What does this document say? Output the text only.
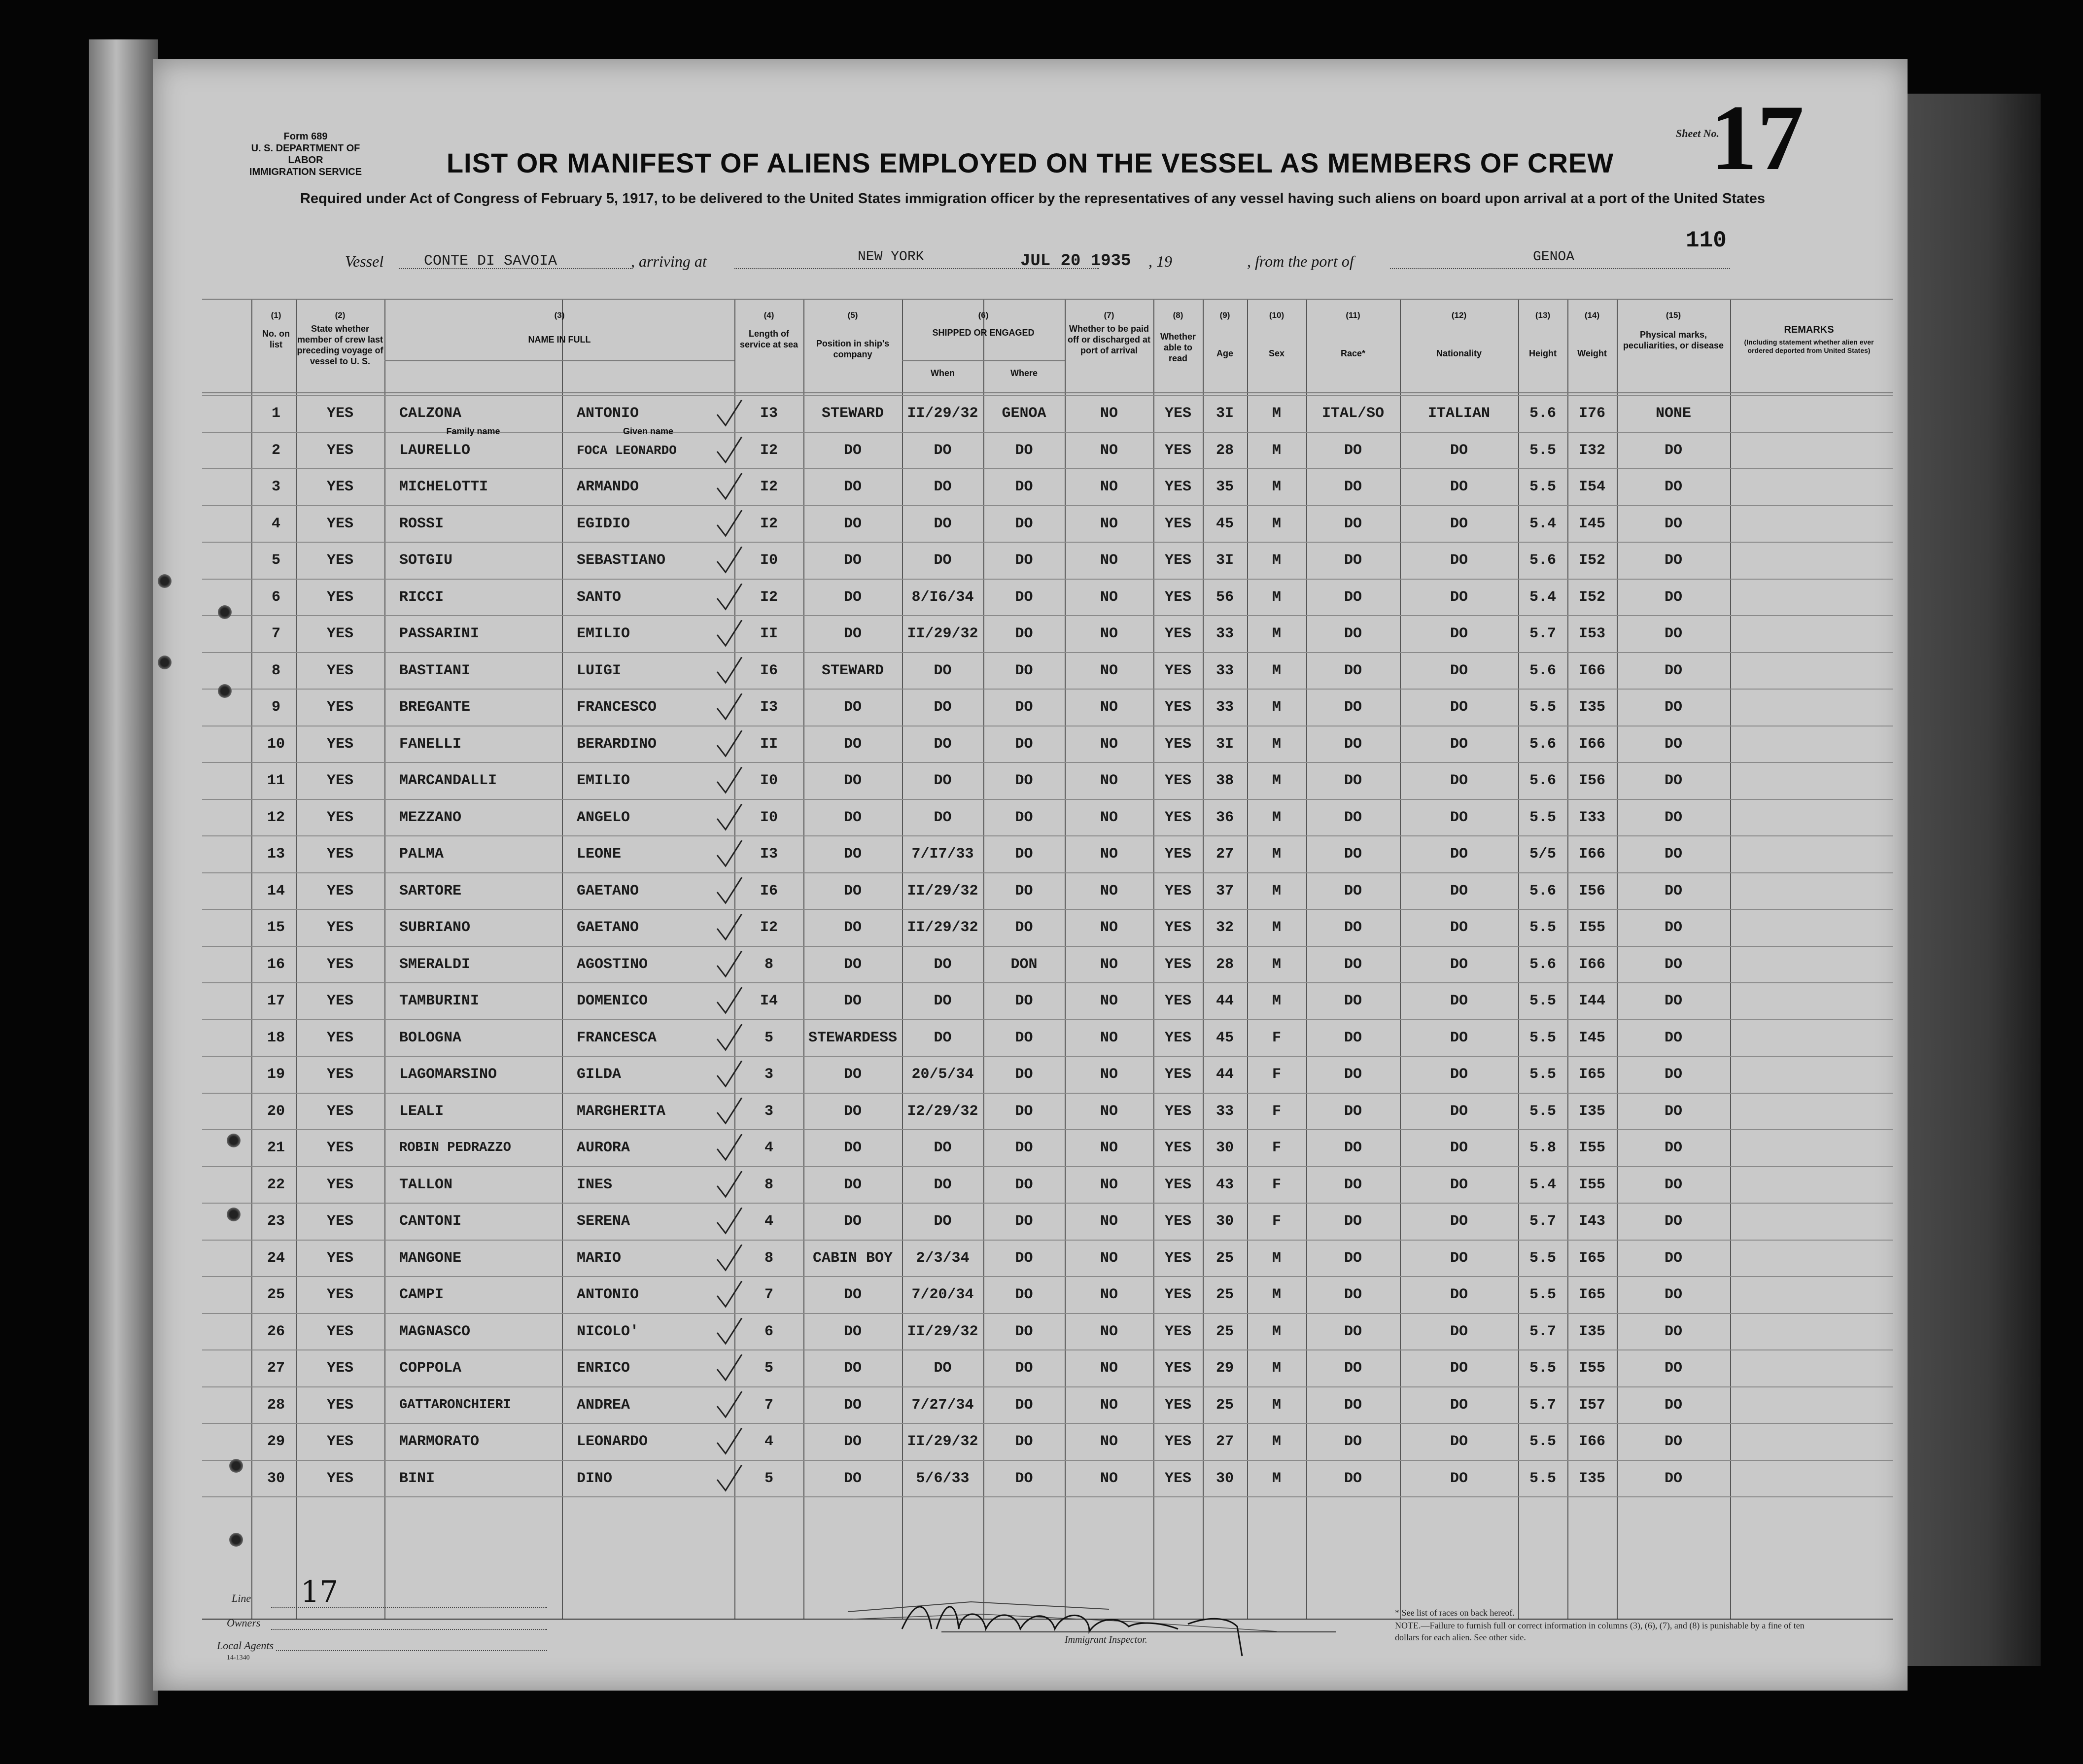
Form 689
U. S. DEPARTMENT OF LABOR
IMMIGRATION SERVICE	LIST OR MANIFEST OF ALIENS EMPLOYED ON THE VESSEL AS MEMBERS OF CREW
Required under Act of Congress of February 5, 1917, to be delivered to the United States immigration officer by the representatives of any vessel having such aliens on board upon arrival at a port of the United States
Sheet No.
17
110
Vessel	CONTE DI SAVOIA	, arriving at	NEW YORK	JUL 20 1935 , 19	, from the port of	GENOA
(1)
No. on list
(2)
State whether member of crew last preceding voyage of vessel to U. S.
(3)
NAME IN FULL
Family name	Given name
(4)
Length of service at sea
(5)
Position in ship's company
(6)
SHIPPED OR ENGAGED
When	Where
(7)
Whether to be paid off or discharged at port of arrival
(8)
Whether able to read
(9)
Age
(10)
Sex
(11)
Race*
(12)
Nationality
(13)
Height
(14)
Weight
(15)
Physical marks, peculiarities, or disease
REMARKS
(Including statement whether alien ever ordered deported from United States)
1	YES	CALZONA	ANTONIO	I3	STEWARD	II/29/32	GENOA	NO	YES	3I	M	ITAL/SO	ITALIAN	5.6	I76	NONE
2	YES	LAURELLO	FOCA LEONARDO	I2	DO	DO	DO	NO	YES	28	M	DO	DO	5.5	I32	DO
3	YES	MICHELOTTI	ARMANDO	I2	DO	DO	DO	NO	YES	35	M	DO	DO	5.5	I54	DO
4	YES	ROSSI	EGIDIO	I2	DO	DO	DO	NO	YES	45	M	DO	DO	5.4	I45	DO
5	YES	SOTGIU	SEBASTIANO	I0	DO	DO	DO	NO	YES	3I	M	DO	DO	5.6	I52	DO
6	YES	RICCI	SANTO	I2	DO	8/I6/34	DO	NO	YES	56	M	DO	DO	5.4	I52	DO
7	YES	PASSARINI	EMILIO	II	DO	II/29/32	DO	NO	YES	33	M	DO	DO	5.7	I53	DO
8	YES	BASTIANI	LUIGI	I6	STEWARD	DO	DO	NO	YES	33	M	DO	DO	5.6	I66	DO
9	YES	BREGANTE	FRANCESCO	I3	DO	DO	DO	NO	YES	33	M	DO	DO	5.5	I35	DO
10	YES	FANELLI	BERARDINO	II	DO	DO	DO	NO	YES	3I	M	DO	DO	5.6	I66	DO
11	YES	MARCANDALLI	EMILIO	I0	DO	DO	DO	NO	YES	38	M	DO	DO	5.6	I56	DO
12	YES	MEZZANO	ANGELO	I0	DO	DO	DO	NO	YES	36	M	DO	DO	5.5	I33	DO
13	YES	PALMA	LEONE	I3	DO	7/I7/33	DO	NO	YES	27	M	DO	DO	5/5	I66	DO
14	YES	SARTORE	GAETANO	I6	DO	II/29/32	DO	NO	YES	37	M	DO	DO	5.6	I56	DO
15	YES	SUBRIANO	GAETANO	I2	DO	II/29/32	DO	NO	YES	32	M	DO	DO	5.5	I55	DO
16	YES	SMERALDI	AGOSTINO	8	DO	DO	DON	NO	YES	28	M	DO	DO	5.6	I66	DO
17	YES	TAMBURINI	DOMENICO	I4	DO	DO	DO	NO	YES	44	M	DO	DO	5.5	I44	DO
18	YES	BOLOGNA	FRANCESCA	5	STEWARDESS	DO	DO	NO	YES	45	F	DO	DO	5.5	I45	DO
19	YES	LAGOMARSINO	GILDA	3	DO	20/5/34	DO	NO	YES	44	F	DO	DO	5.5	I65	DO
20	YES	LEALI	MARGHERITA	3	DO	I2/29/32	DO	NO	YES	33	F	DO	DO	5.5	I35	DO
21	YES	ROBIN PEDRAZZO	AURORA	4	DO	DO	DO	NO	YES	30	F	DO	DO	5.8	I55	DO
22	YES	TALLON	INES	8	DO	DO	DO	NO	YES	43	F	DO	DO	5.4	I55	DO
23	YES	CANTONI	SERENA	4	DO	DO	DO	NO	YES	30	F	DO	DO	5.7	I43	DO
24	YES	MANGONE	MARIO	8	CABIN BOY	2/3/34	DO	NO	YES	25	M	DO	DO	5.5	I65	DO
25	YES	CAMPI	ANTONIO	7	DO	7/20/34	DO	NO	YES	25	M	DO	DO	5.5	I65	DO
26	YES	MAGNASCO	NICOLO'	6	DO	II/29/32	DO	NO	YES	25	M	DO	DO	5.7	I35	DO
27	YES	COPPOLA	ENRICO	5	DO	DO	DO	NO	YES	29	M	DO	DO	5.5	I55	DO
28	YES	GATTARONCHIERI	ANDREA	7	DO	7/27/34	DO	NO	YES	25	M	DO	DO	5.7	I57	DO
29	YES	MARMORATO	LEONARDO	4	DO	II/29/32	DO	NO	YES	27	M	DO	DO	5.5	I66	DO
30	YES	BINI	DINO	5	DO	5/6/33	DO	NO	YES	30	M	DO	DO	5.5	I35	DO
Line 17
Owners
Local Agents
14-1340
Immigrant Inspector.
* See list of races on back hereof.
NOTE.—Failure to furnish full or correct information in columns (3), (6), (7), and (8) is punishable by a fine of ten dollars for each alien. See other side.
